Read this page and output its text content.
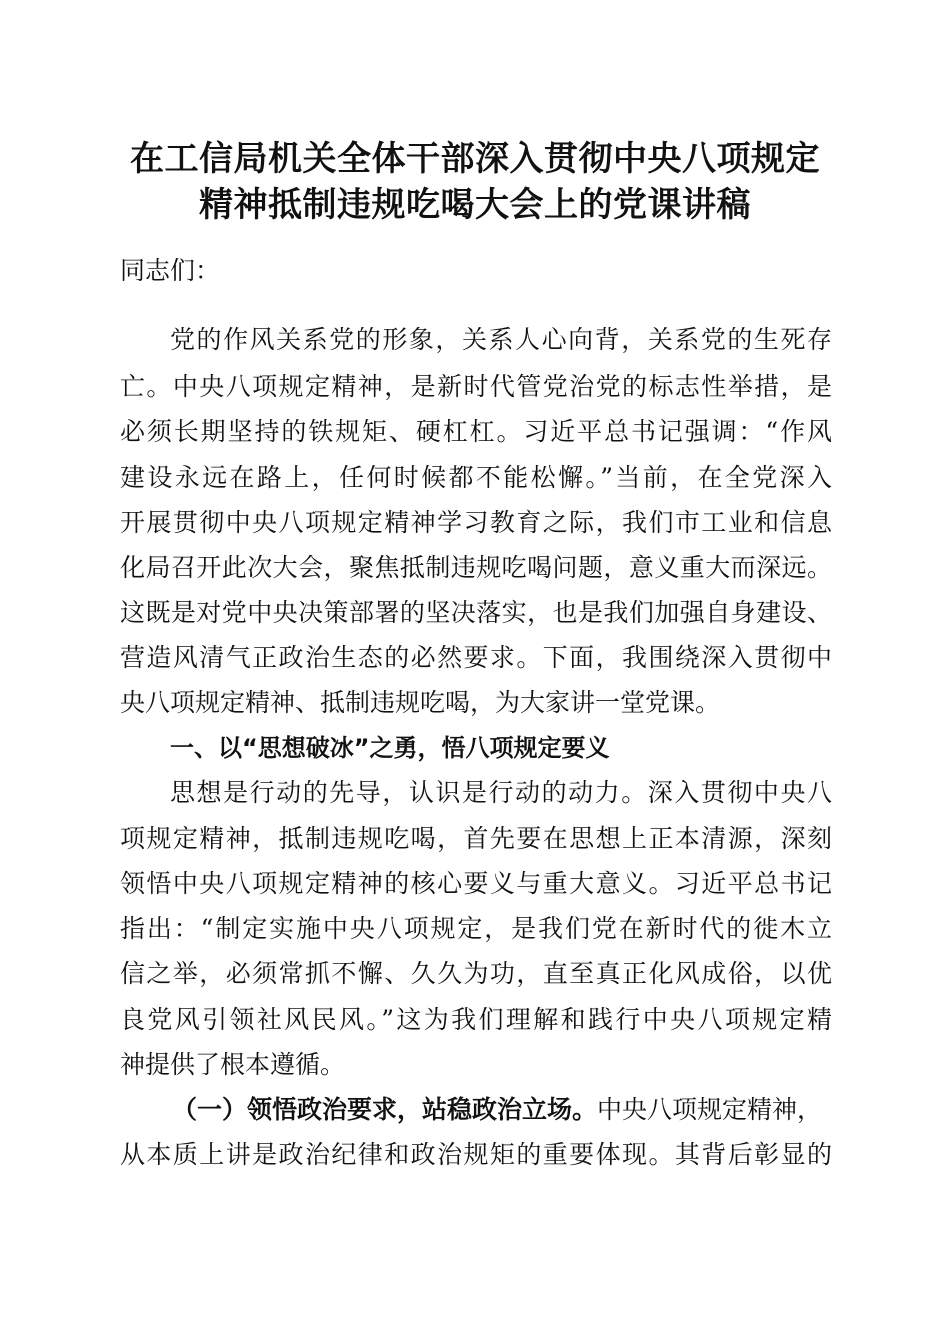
在工信局机关全体干部深入贯彻中央八项规定
精神抵制违规吃喝大会上的党课讲稿
同志们：
党的作风关系党的形象，关系人心向背，关系党的生死存
亡。中央八项规定精神，是新时代管党治党的标志性举措，是
必须长期坚持的铁规矩、硬杠杠。习近平总书记强调：“作风
建设永远在路上，任何时候都不能松懈。”当前，在全党深入
开展贯彻中央八项规定精神学习教育之际，我们市工业和信息
化局召开此次大会，聚焦抵制违规吃喝问题，意义重大而深远。
这既是对党中央决策部署的坚决落实，也是我们加强自身建设、
营造风清气正政治生态的必然要求。下面，我围绕深入贯彻中
央八项规定精神、抵制违规吃喝，为大家讲一堂党课。
一、以“思想破冰”之勇，悟八项规定要义
思想是行动的先导，认识是行动的动力。深入贯彻中央八
项规定精神，抵制违规吃喝，首先要在思想上正本清源，深刻
领悟中央八项规定精神的核心要义与重大意义。习近平总书记
指出：“制定实施中央八项规定，是我们党在新时代的徙木立
信之举，必须常抓不懈、久久为功，直至真正化风成俗，以优
良党风引领社风民风。”这为我们理解和践行中央八项规定精
神提供了根本遵循。
（一）领悟政治要求，站稳政治立场。中央八项规定精神，
从本质上讲是政治纪律和政治规矩的重要体现。其背后彰显的
